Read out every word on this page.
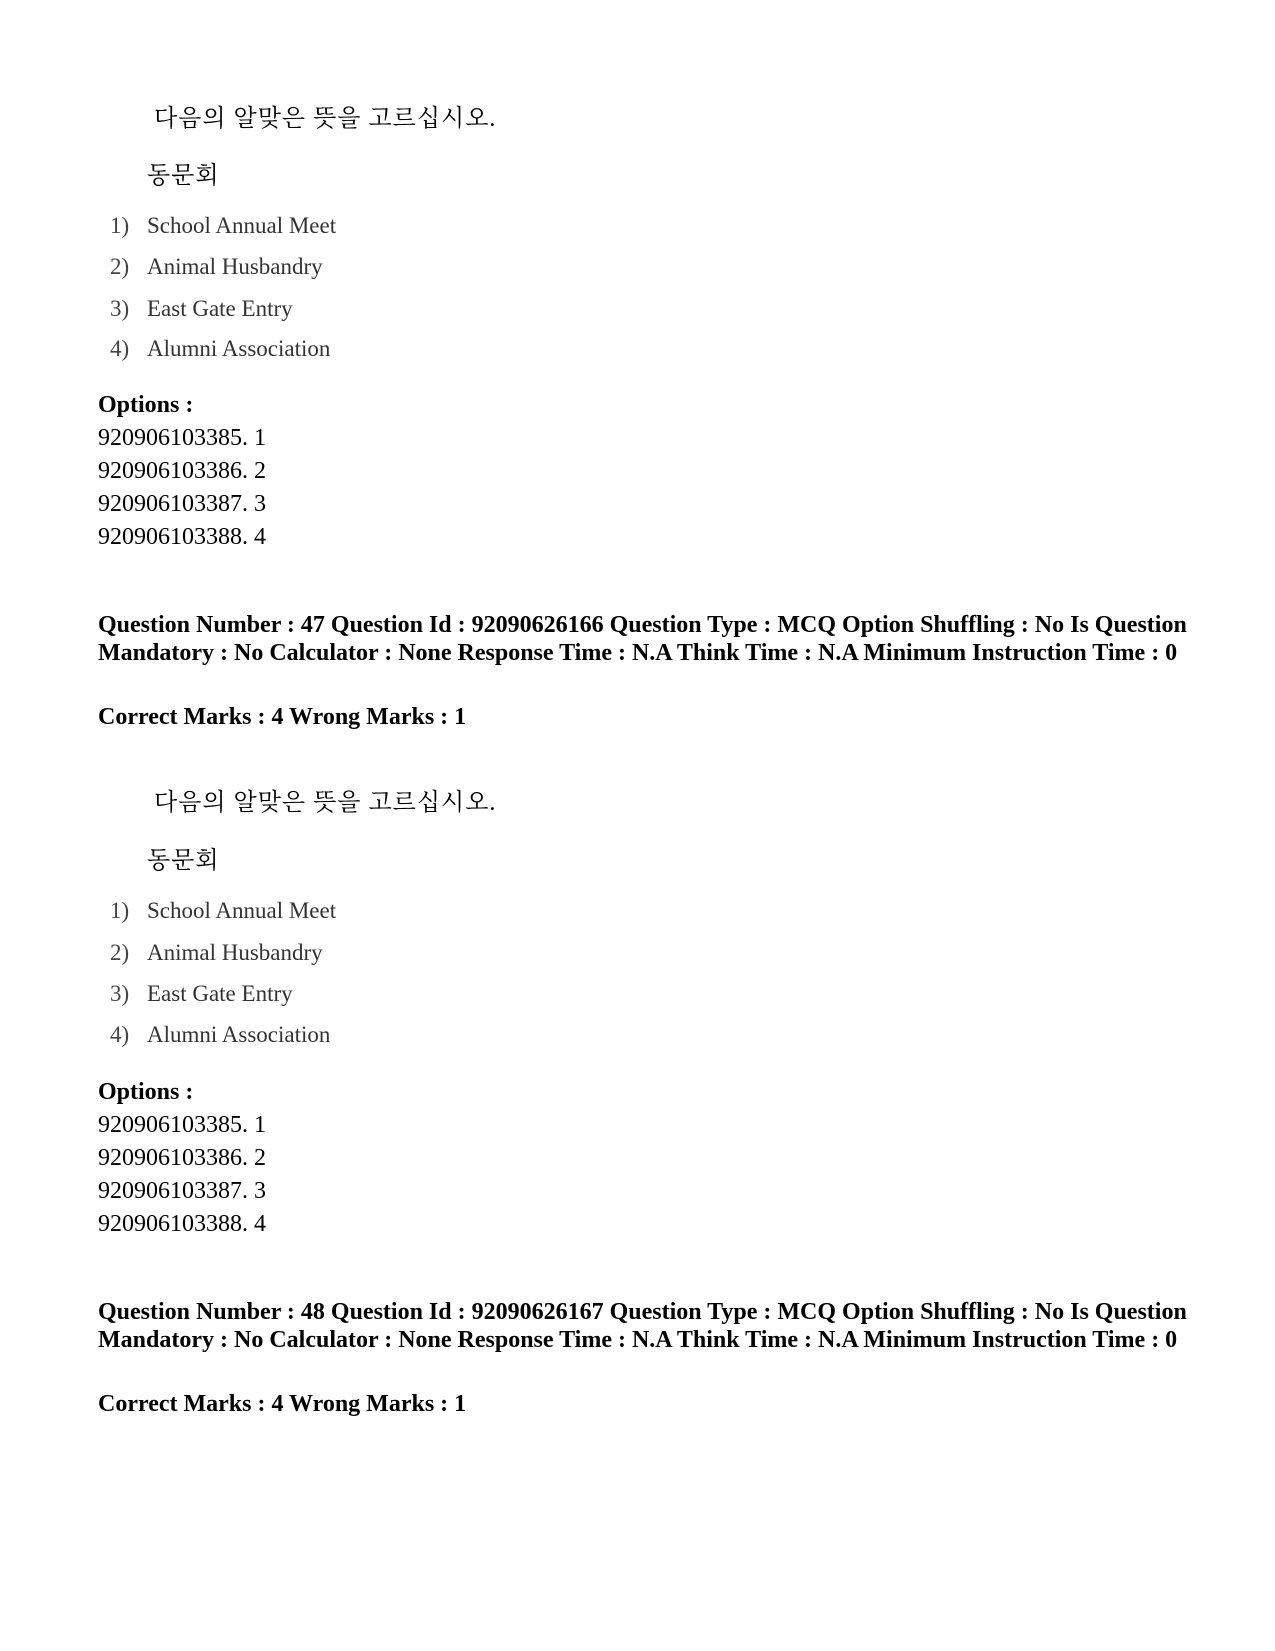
다음의 알맞은 뜻을 고르십시오.
동문회
1) School Annual Meet
2) Animal Husbandry
3) East Gate Entry
4) Alumni Association
Options :
920906103385. 1
920906103386. 2
920906103387. 3
920906103388. 4
Question Number : 47 Question Id : 92090626166 Question Type : MCQ Option Shuffling : No Is Question Mandatory : No Calculator : None Response Time : N.A Think Time : N.A Minimum Instruction Time : 0
Correct Marks : 4 Wrong Marks : 1
다음의 알맞은 뜻을 고르십시오.
동문회
1) School Annual Meet
2) Animal Husbandry
3) East Gate Entry
4) Alumni Association
Options :
920906103385. 1
920906103386. 2
920906103387. 3
920906103388. 4
Question Number : 48 Question Id : 92090626167 Question Type : MCQ Option Shuffling : No Is Question Mandatory : No Calculator : None Response Time : N.A Think Time : N.A Minimum Instruction Time : 0
Correct Marks : 4 Wrong Marks : 1
